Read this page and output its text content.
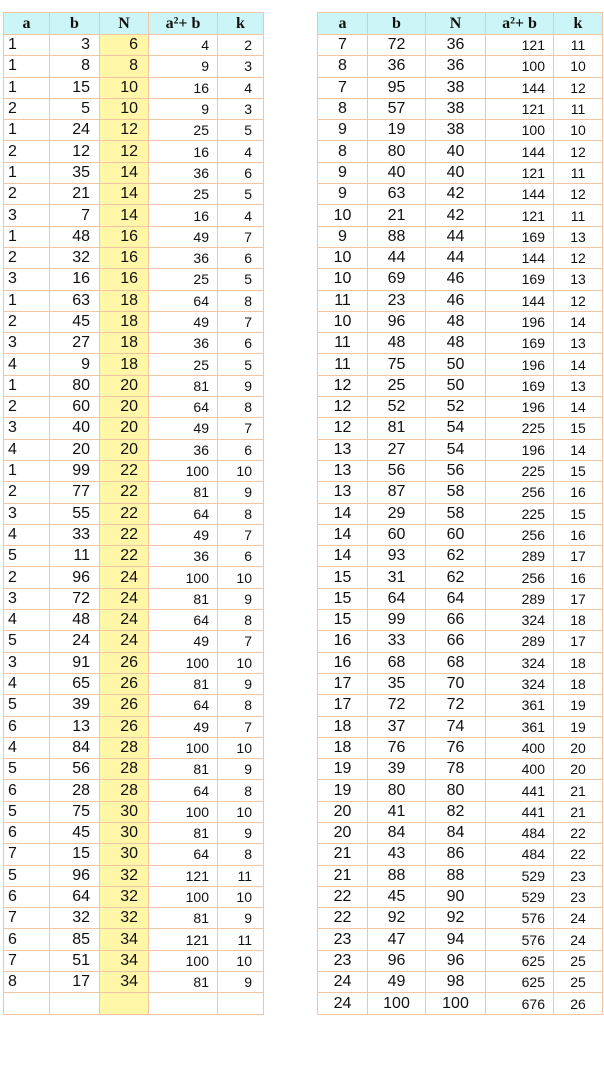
a	b	N	a²+ b	k
1	3	6	4	2
1	8	8	9	3
1	15	10	16	4
2	5	10	9	3
1	24	12	25	5
2	12	12	16	4
1	35	14	36	6
2	21	14	25	5
3	7	14	16	4
1	48	16	49	7
2	32	16	36	6
3	16	16	25	5
1	63	18	64	8
2	45	18	49	7
3	27	18	36	6
4	9	18	25	5
1	80	20	81	9
2	60	20	64	8
3	40	20	49	7
4	20	20	36	6
1	99	22	100	10
2	77	22	81	9
3	55	22	64	8
4	33	22	49	7
5	11	22	36	6
2	96	24	100	10
3	72	24	81	9
4	48	24	64	8
5	24	24	49	7
3	91	26	100	10
4	65	26	81	9
5	39	26	64	8
6	13	26	49	7
4	84	28	100	10
5	56	28	81	9
6	28	28	64	8
5	75	30	100	10
6	45	30	81	9
7	15	30	64	8
5	96	32	121	11
6	64	32	100	10
7	32	32	81	9
6	85	34	121	11
7	51	34	100	10
8	17	34	81	9

a	b	N	a²+ b	k
7	72	36	121	11
8	36	36	100	10
7	95	38	144	12
8	57	38	121	11
9	19	38	100	10
8	80	40	144	12
9	40	40	121	11
9	63	42	144	12
10	21	42	121	11
9	88	44	169	13
10	44	44	144	12
10	69	46	169	13
11	23	46	144	12
10	96	48	196	14
11	48	48	169	13
11	75	50	196	14
12	25	50	169	13
12	52	52	196	14
12	81	54	225	15
13	27	54	196	14
13	56	56	225	15
13	87	58	256	16
14	29	58	225	15
14	60	60	256	16
14	93	62	289	17
15	31	62	256	16
15	64	64	289	17
15	99	66	324	18
16	33	66	289	17
16	68	68	324	18
17	35	70	324	18
17	72	72	361	19
18	37	74	361	19
18	76	76	400	20
19	39	78	400	20
19	80	80	441	21
20	41	82	441	21
20	84	84	484	22
21	43	86	484	22
21	88	88	529	23
22	45	90	529	23
22	92	92	576	24
23	47	94	576	24
23	96	96	625	25
24	49	98	625	25
24	100	100	676	26
